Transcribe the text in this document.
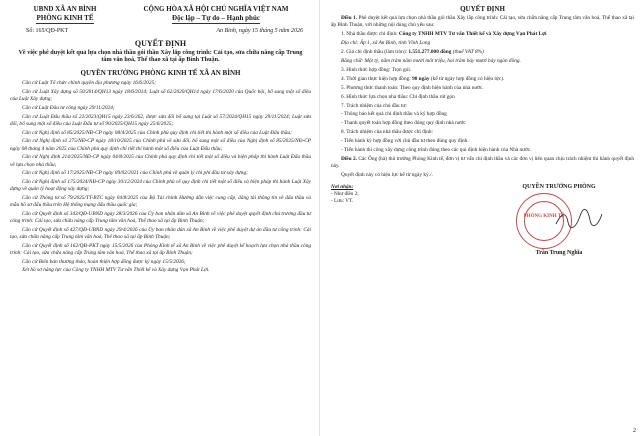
UBND XÃ AN BÌNH
PHÒNG KINH TẾ
CỘNG HÒA XÃ HỘI CHỦ NGHĨA VIỆT NAM
Độc lập – Tự do – Hạnh phúc
Số: 165/QĐ-PKT	An Bình, ngày 15 tháng 5 năm 2026
QUYẾT ĐỊNH
Về việc phê duyệt kết quả lựa chọn nhà thầu gói thầu Xây lắp công trình: Cải tạo, sửa chữa nâng cấp Trung tâm văn hoá, Thể thao xã tại ấp Bình Thuận.
QUYỀN TRƯỞNG PHÒNG KINH TẾ XÃ AN BÌNH

Căn cứ Luật Tổ chức chính quyền địa phương ngày 16/6/2025;

Căn cứ Luật Xây dựng số 50/2014/QH13 ngày 18/6/2014; Luật số 62/2020/QH14 ngày 17/6/2020 của Quốc hội, bổ sung một số điều của Luật Xây dựng;

Căn cứ Luật Đầu tư công ngày 29/11/2024;

Căn cứ Luật Đấu thầu số 22/2023/QH15 ngày 23/6/262, được sửa đổi bổ sung tại Luật số 57/2024/QH15 ngày 29/11/2024; Luật sửa đổi, bổ sung một số điều của Luật Đấu tư số 90/2025/QH15 ngày 25/6/2025;

Căn cứ Nghị định số 85/2025/NĐ-CP ngày 08/4/2025 của Chính phủ quy định chi tiết thi hành một số điều của Luật Đấu thầu;

Căn cứ Nghị định số 275/NĐ-CP ngày 18/10/2025 của Chính phủ về sửa đổi, bổ sung một số điều của Nghị định số 85/2025/NĐ-CP ngày 08 tháng 4 năm 2025 của Chính phủ quy định chi tiết thi hành một số điều của Luật Đấu thầu;

Căn cứ Nghị định 214/2025/NĐ-CP ngày 04/8/2025 của Chính phủ quy định chi tiết một số điều và biện pháp thi hành Luật Đấu thầu về lựa chọn nhà thầu;

Căn cứ Nghị định số 17/2025/NĐ-CP ngày 09/02/2021 của Chính phủ về quản lý chi phí đầu tư xây dựng;

Căn cứ Nghị định số 175/2024/NĐ-CP ngày 30/12/2024 của Chính phủ về quy định chi tiết một số điều và biện pháp thi hành Luật Xây dựng về quản lý hoạt động xây dựng;

Căn cứ Thông tư số 79/2025/TT-BTC ngày 04/8/2025 của Bộ Tài chính Hướng dẫn việc cung cấp, đăng tải thông tin về đấu thầu và mẫu hồ sơ đấu thầu trên Hệ thống mạng đấu thầu quốc gia;

Căn cứ Quyết định số 343/QĐ-UBND ngày 28/3/2026 của Ủy ban nhân dân xã An Bình về việc phê duyệt quyết định chủ trương đầu tư công trình: Cải tạo, sửa chữa nâng cấp Trung tâm văn hoá, Thể thao xã tại ấp Bình Thuận;

Căn cứ Quyết định số 427/QĐ-UBND ngày 29/4/2026 của Ủy ban nhân dân xã An Bình về việc phê duyệt dự án đầu tư công trình: Cải tạo, sửa chữa nâng cấp Trung tâm văn hoá, Thể thao xã tại ấp Bình Thuận;

Căn cứ Quyết định số 162/QĐ-PKT ngày 15/5/2026 của Phòng Kinh tế xã An Bình về việc phê duyệt kế hoạch lựa chọn nhà thầu công trình: Cải tạo, sửa chữa nâng cấp Trung tâm văn hoá, Thể thao xã tại ấp Bình Thuận;

Căn cứ Biên bản thương thảo, hoàn thiện hợp đồng được ký ngày 15/5/2026;

Xét hồ sơ năng lực của Công ty TNHH MTV Tư vấn Thiết kế và Xây dựng Vạn Phát Lợi.

QUYẾT ĐỊNH

Điều 1. Phê duyệt kết quả lựa chọn nhà thầu gói thầu Xây lắp công trình: Cải tạo, sửa chữa nâng cấp Trung tâm văn hoá, Thể thao xã tại ấp Bình Thuận, với những nội dung chủ yếu sau:

1. Nhà thầu được chỉ định: Công ty TNHH MTV Tư vấn Thiết kế và Xây dựng Vạn Phát Lợi

Địa chỉ: Ấp 1, xã An Bình, tỉnh Vĩnh Long

2. Giá chỉ định thầu (làm tròn): 1.551.277.000 đồng (thuế VAT 8%)

Bằng chữ: Một tỷ, năm trăm năm mươi mốt triệu, hai trăm bảy mươi bảy ngàn đồng.

3. Hình thức hợp đồng: Trọn gói.

4. Thời gian thực hiện hợp đồng: 90 ngày (kể từ ngày hợp đồng có hiệu lực).

5. Phương thức thanh toán: Theo quy định hiện hành của nhà nước.

6. Hình thức lựa chọn nhà thầu: Chỉ định thầu rút gọn

7. Trách nhiệm của chủ đầu tư:

- Thông báo kết quả chỉ định thầu và ký hợp đồng

- Thanh quyết toán hợp đồng theo đúng quy định nhà nước

8. Trách nhiệm của nhà thầu được chỉ định:

- Tiến hành ký hợp đồng với chủ đầu tư theo đúng quy định.

- Tiến hành thi công xây dựng công trình đúng theo các qui định hiện hành của Nhà nước.

Điều 2. Các Ông (bà) thủ trưởng Phòng Kinh tế, đơn vị tư vấn chỉ định thầu và các đơn vị liên quan chịu trách nhiệm thi hành quyết định này.

Quyết định này có hiệu lực kể từ ngày ký./.

Nơi nhận:
- Như điều 2;
- Lưu: VT.
QUYỀN TRƯỞNG PHÒNG
PHÒNG KINH TẾ
Trần Trung Nghĩa
2
